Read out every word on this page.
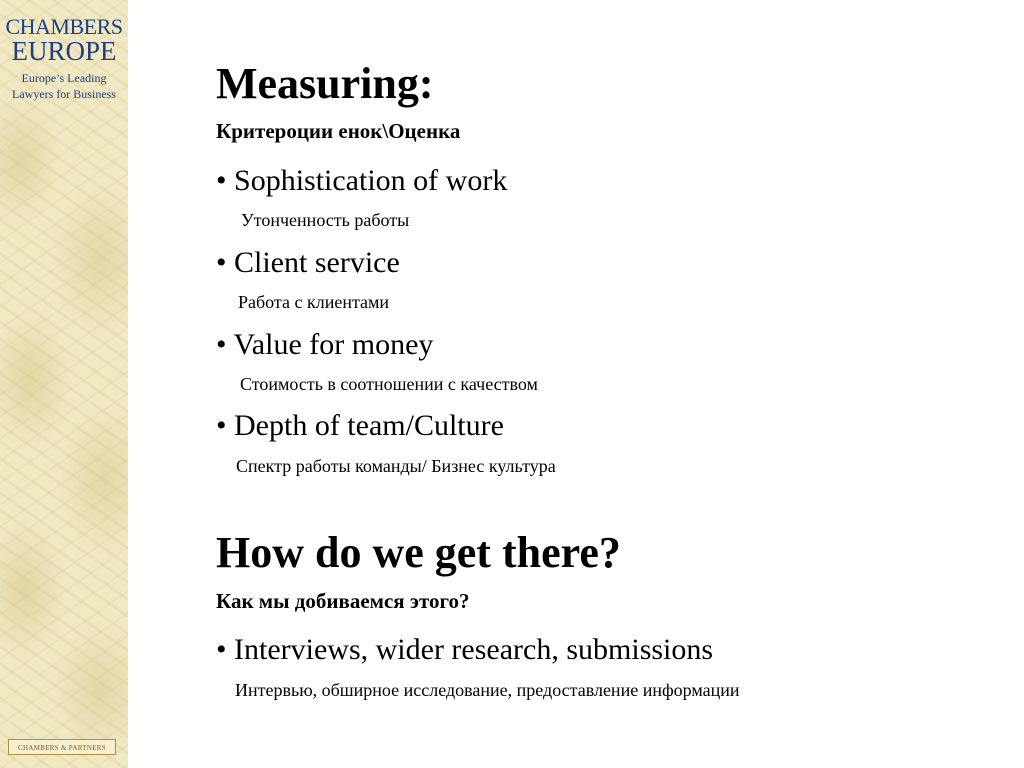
CHAMBERS
EUROPE
Europe’s Leading
Lawyers for Business
CHAMBERS & PARTNERS
Measuring:
Критероции енок\Оценка
• Sophistication of work
Утонченность работы
• Client service
Работа с клиентами
• Value for money
Стоимость в соотношении с качеством
• Depth of team/Culture
Спектр работы команды/ Бизнес культура
How do we get there?
Как мы добиваемся этого?
• Interviews, wider research, submissions
Интервью, обширное исследование, предоставление информации
